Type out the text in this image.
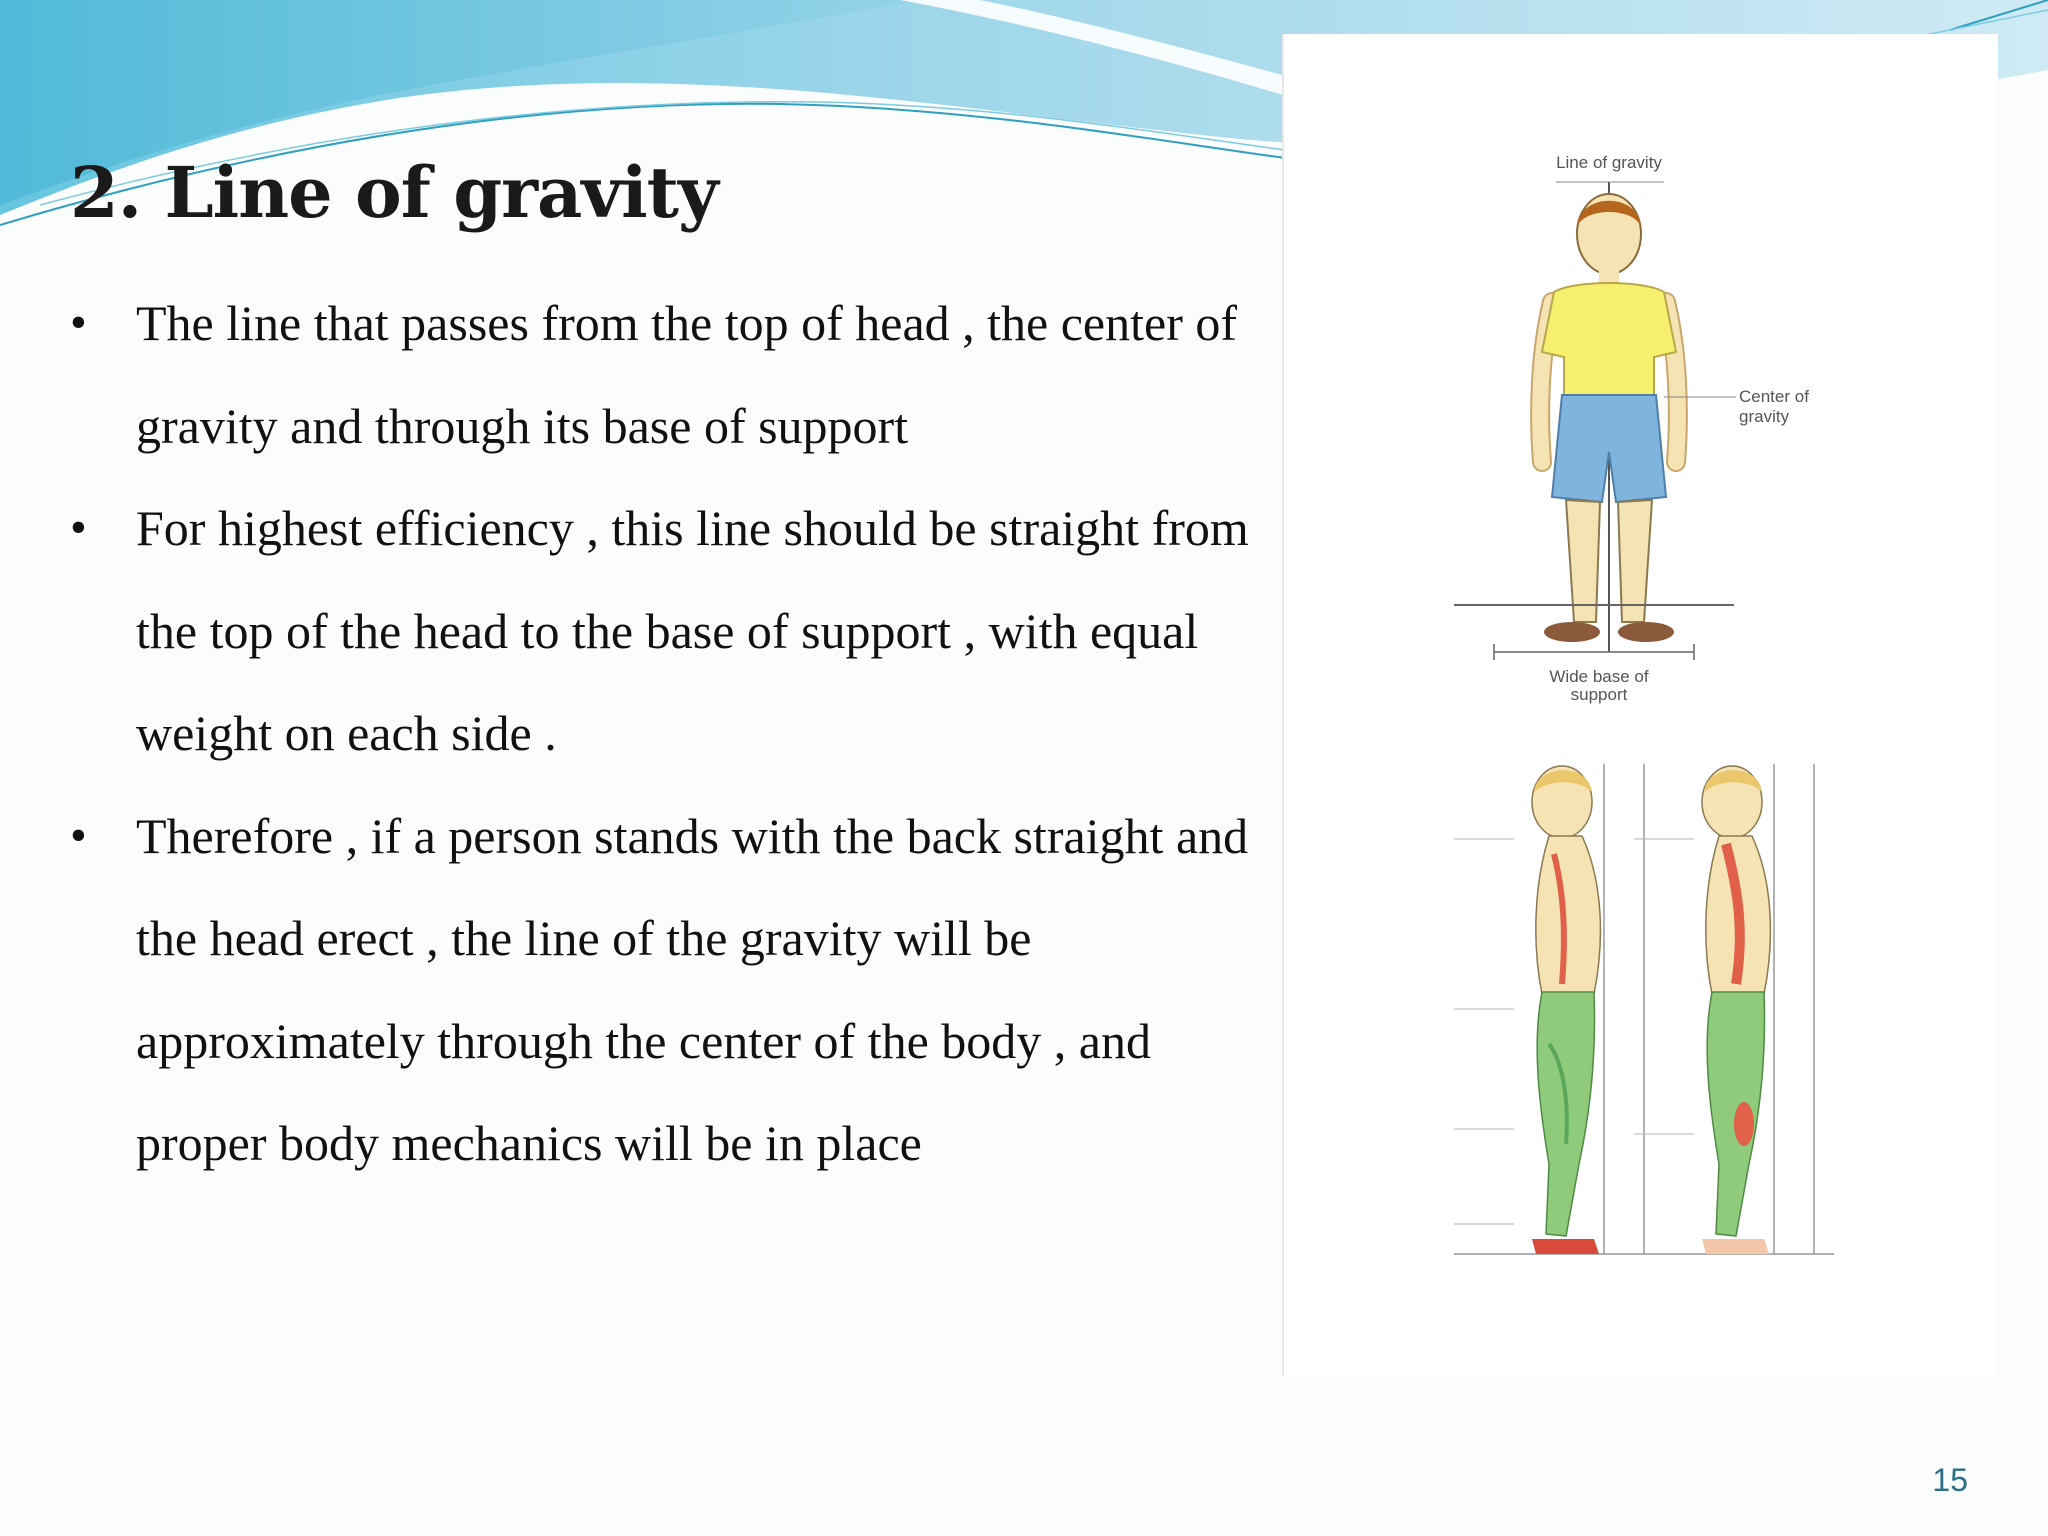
2. Line of gravity
• The line that passes from the top of head , the center of gravity and through its base of support
• For highest efficiency , this line should be straight from the top of the head to the base of support , with equal weight on each side .
• Therefore , if a person stands with the back straight and the head erect , the line of the gravity will be approximately through the center of the body , and proper body mechanics will be in place
Line of gravity
Center of
gravity
Wide base of
support
15
